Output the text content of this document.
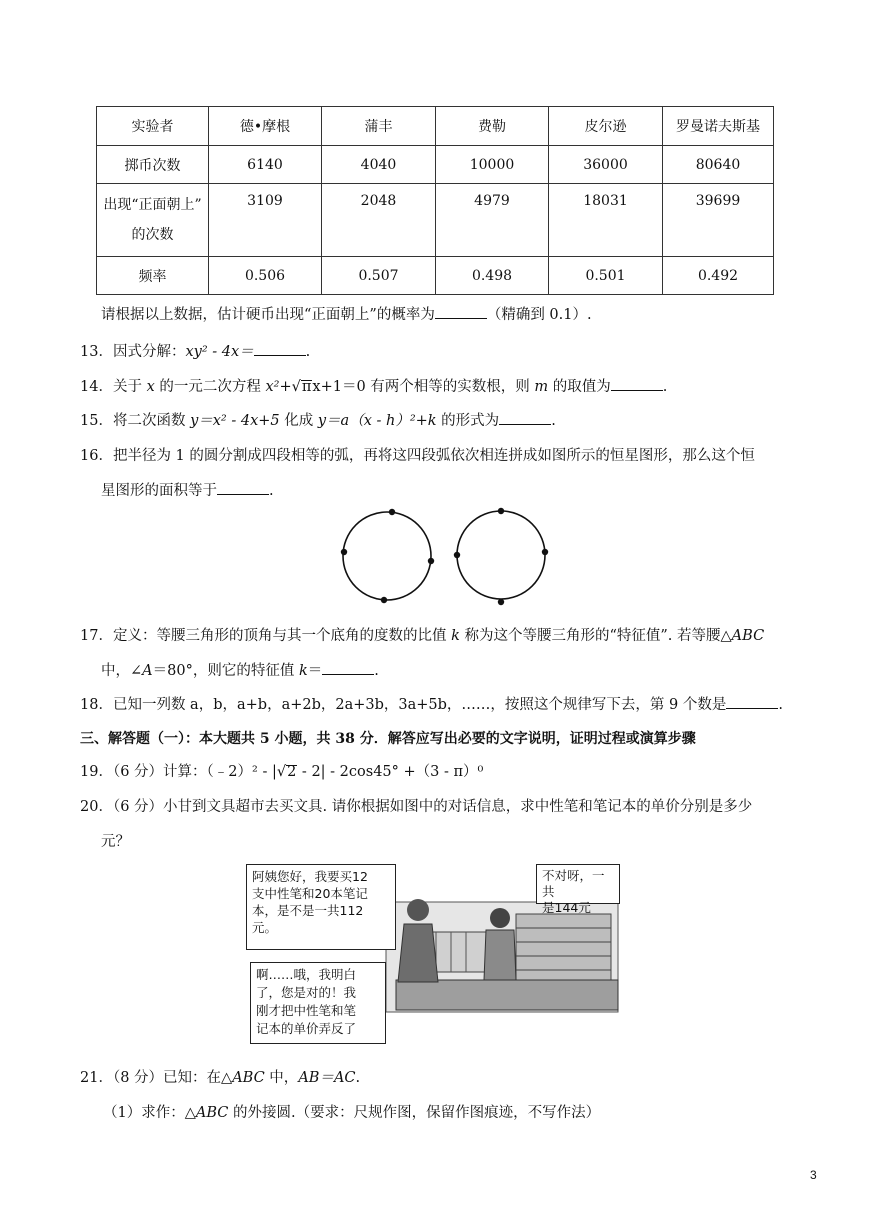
实验者	德•摩根	蒲丰	费勒	皮尔逊	罗曼诺夫斯基
掷币次数	6140	4040	10000	36000	80640

出现“正面朝上”
的次数	3109	2048	4979	18031	39699
频率	0.506	0.507	0.498	0.501	0.492
请根据以上数据，估计硬币出现“正面朝上”的概率为	（精确到 0.1）.
13．因式分解：xy² - 4x＝	.
14．关于 x 的一元二次方程 x²+√πx+1＝0 有两个相等的实数根，则 m 的取值为	.
15．将二次函数 y＝x² - 4x+5 化成 y＝a（x - h）²+k 的形式为	.
16．把半径为 1 的圆分割成四段相等的弧，再将这四段弧依次相连拼成如图所示的恒星图形，那么这个恒
星图形的面积等于	.
17．定义：等腰三角形的顶角与其一个底角的度数的比值 k 称为这个等腰三角形的“特征值”. 若等腰△ABC
中，∠A＝80°，则它的特征值 k＝	.
18．已知一列数 a，b，a+b，a+2b，2a+3b，3a+5b，……，按照这个规律写下去，第 9 个数是	.
三、解答题（一）：本大题共 5 小题，共 38 分．解答应写出必要的文字说明，证明过程或演算步骤
19．（6 分）计算：（﹣2）² - |√2 - 2| - 2cos45° +（3 - π）⁰
20．（6 分）小甘到文具超市去买文具. 请你根据如图中的对话信息，求中性笔和笔记本的单价分别是多少
元？
阿姨您好，我要买12
支中性笔和20本笔记
本，是不是一共112
元。
不对呀，一共
是144元
啊……哦，我明白
了，您是对的！我
刚才把中性笔和笔
记本的单价弄反了
21．（8 分）已知：在△ABC 中，AB＝AC.
（1）求作：△ABC 的外接圆.（要求：尺规作图，保留作图痕迹，不写作法）
3
